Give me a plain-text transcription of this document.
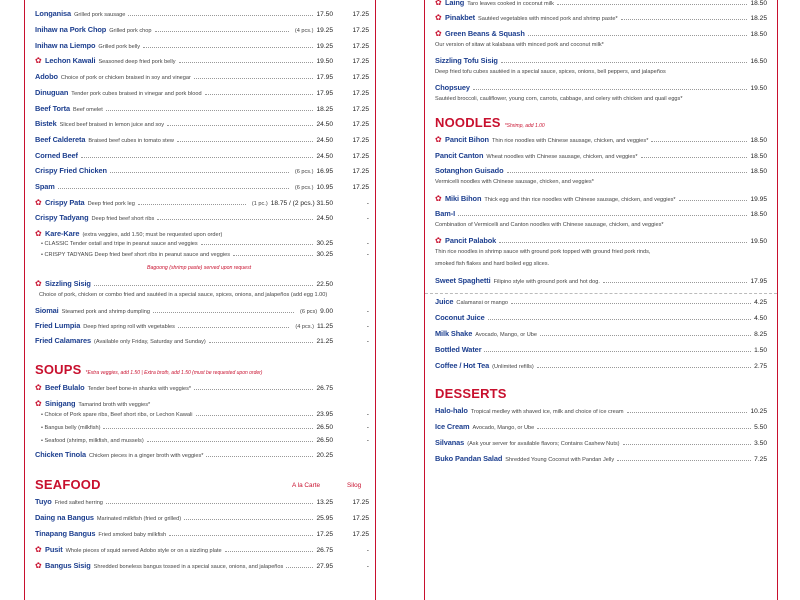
Longanisa Grilled pork sausage	17.50	17.25
Inihaw na Pork Chop Grilled pork chop	(4 pcs.) 19.25	17.25
Inihaw na Liempo Grilled pork belly	19.25	17.25
✿ Lechon Kawali Seasoned deep fried pork belly	19.50	17.25
Adobo Choice of pork or chicken braised in soy and vinegar	17.95	17.25
Dinuguan Tender pork cubes braised in vinegar and pork blood	17.95	17.25
Beef Torta Beef omelet	18.25	17.25
Bistek Sliced beef braised in lemon juice and soy	24.50	17.25
Beef Caldereta Braised beef cubes in tomato stew	24.50	17.25
Corned Beef	24.50	17.25
Crispy Fried Chicken	(6 pcs.) 16.95	17.25
Spam	(6 pcs.) 10.95	17.25
✿ Crispy Pata Deep fried pork leg	(1 pc.) 18.75 / (2 pcs.) 31.50	-
Crispy Tadyang Deep fried beef short ribs	24.50	-
✿ Kare-Kare (extra veggies, add 1.50; must be requested upon order)
• CLASSIC Tender oxtail and tripe in peanut sauce and veggies	30.25	-
• CRISPY TADYANG Deep fried beef short ribs in peanut sauce and veggies	30.25	-
Bagoong (shrimp paste) served upon request
✿ Sizzling Sisig	22.50
Choice of pork, chicken or combo fried and sautéed in a special sauce, spices, onions, and jalapeños (add egg 1.00)
Siomai Steamed pork and shrimp dumpling	(6 pcs) 9.00	-
Fried Lumpia Deep fried spring roll with vegetables	(4 pcs.) 11.25	-
Fried Calamares (Available only Friday, Saturday and Sunday)	21.25	-
SOUPS *Extra veggies, add 1.50 | Extra broth, add 1.50 (must be requested upon order)
✿ Beef Bulalo Tender beef bone-in shanks with veggies*	26.75
✿ Sinigang Tamarind broth with veggies*
• Choice of Pork spare ribs, Beef short ribs, or Lechon Kawali	23.95	-
• Bangus belly (milkfish)	26.50	-
• Seafood (shrimp, milkfish, and mussels)	26.50	-
Chicken Tinola Chicken pieces in a ginger broth with veggies*	20.25
SEAFOOD	A la Carte	Silog
Tuyo Fried salted herring	13.25	17.25
Daing na Bangus Marinated milkfish (fried or grilled)	25.95	17.25
Tinapang Bangus Fried smoked baby milkfish	17.25	17.25
✿ Pusit Whole pieces of squid served Adobo style or on a sizzling plate	26.75	-
✿ Bangus Sisig Shredded boneless bangus tossed in a special sauce, onions, and jalapeños	27.95	-
✿ Laing Taro leaves cooked in coconut milk	18.50
✿ Pinakbet Sautéed vegetables with minced pork and shrimp paste*	18.25
✿ Green Beans & Squash	18.50
Our version of sitaw at kalabasa with minced pork and coconut milk*
Sizzling Tofu Sisig	16.50
Deep fried tofu cubes sautéed in a special sauce, spices, onions, bell peppers, and jalapeños
Chopsuey	19.50
Sautéed broccoli, cauliflower, young corn, carrots, cabbage, and celery with chicken and quail eggs*
NOODLES *Shrimp, add 1.00
✿ Pancit Bihon Thin rice noodles with Chinese sausage, chicken, and veggies*	18.50
Pancit Canton Wheat noodles with Chinese sausage, chicken, and veggies*	18.50
Sotanghon Guisado	18.50
Vermicelli noodles with Chinese sausage, chicken, and veggies*
✿ Miki Bihon Thick egg and thin rice noodles with Chinese sausage, chicken, and veggies*	19.95
Bam-I	18.50
Combination of Vermicelli and Canton noodles with Chinese sausage, chicken, and veggies*
✿ Pancit Palabok	19.50
Thin rice noodles in shrimp sauce with ground pork topped with ground fried pork rinds,
smoked fish flakes and hard boiled egg slices.
Sweet Spaghetti Filipino style with ground pork and hot dog.	17.95
Juice Calamansi or mango	4.25
Coconut Juice	4.50
Milk Shake Avocado, Mango, or Ube	8.25
Bottled Water	1.50
Coffee / Hot Tea (Unlimited refills)	2.75
DESSERTS
Halo-halo Tropical medley with shaved ice, milk and choice of ice cream	10.25
Ice Cream Avocado, Mango, or Ube	5.50
Silvanas (Ask your server for available flavors; Contains Cashew Nuts)	3.50
Buko Pandan Salad Shredded Young Coconut with Pandan Jelly	7.25
